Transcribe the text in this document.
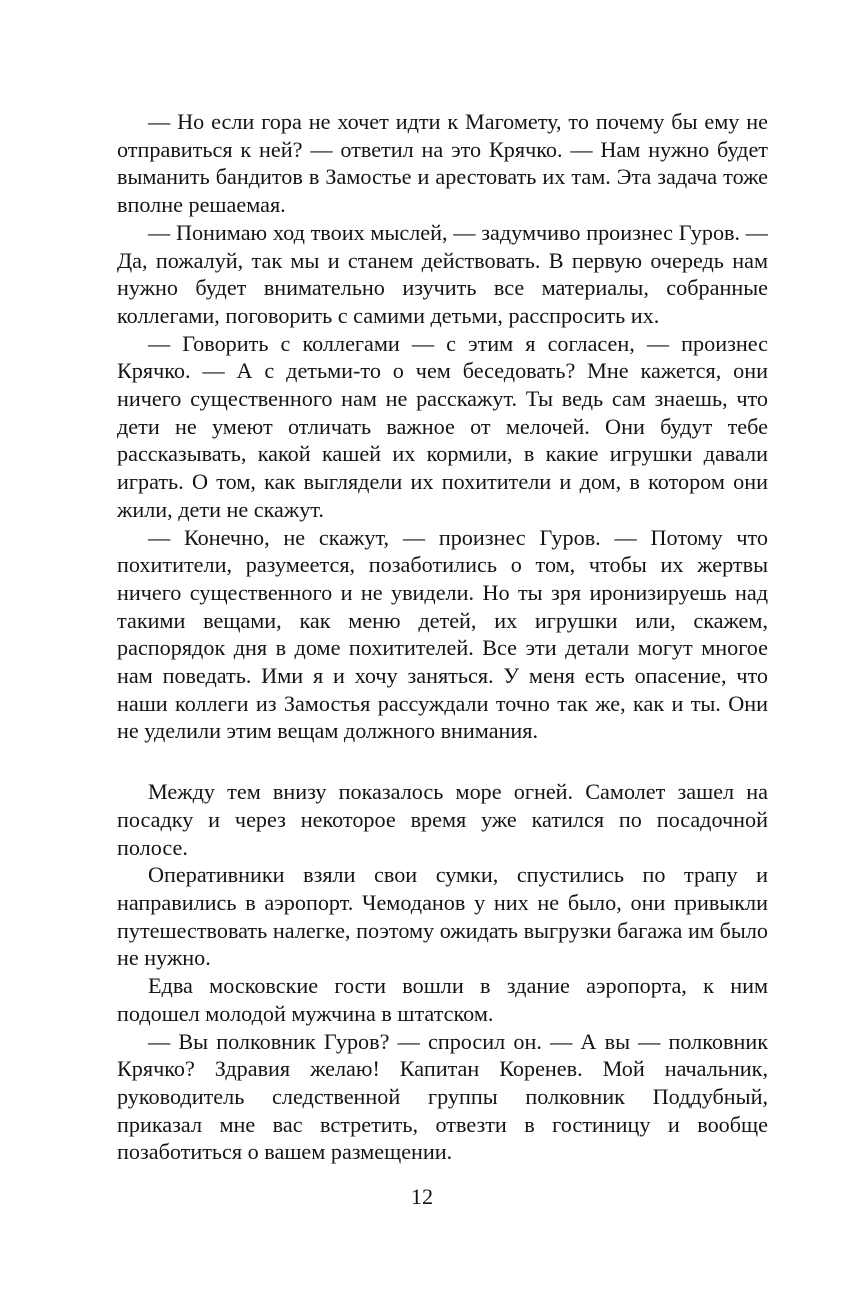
— Но если гора не хочет идти к Магомету, то почему бы ему не отправиться к ней? — ответил на это Крячко. — Нам нужно будет выманить бандитов в Замостье и арестовать их там. Эта задача тоже вполне решаемая.

— Понимаю ход твоих мыслей, — задумчиво произнес Гуров. — Да, пожалуй, так мы и станем действовать. В первую очередь нам нужно будет внимательно изучить все материалы, собранные коллегами, поговорить с самими детьми, расспросить их.

— Говорить с коллегами — с этим я согласен, — произнес Крячко. — А с детьми-то о чем беседовать? Мне кажется, они ничего существенного нам не расскажут. Ты ведь сам знаешь, что дети не умеют отличать важное от мелочей. Они будут тебе рассказывать, какой кашей их кормили, в какие игрушки давали играть. О том, как выглядели их похитители и дом, в котором они жили, дети не скажут.

— Конечно, не скажут, — произнес Гуров. — Потому что похитители, разумеется, позаботились о том, чтобы их жертвы ничего существенного и не увидели. Но ты зря иронизируешь над такими вещами, как меню детей, их игрушки или, скажем, распорядок дня в доме похитителей. Все эти детали могут многое нам поведать. Ими я и хочу заняться. У меня есть опасение, что наши коллеги из Замостья рассуждали точно так же, как и ты. Они не уделили этим вещам должного внимания.

Между тем внизу показалось море огней. Самолет зашел на посадку и через некоторое время уже катился по посадочной полосе.

Оперативники взяли свои сумки, спустились по трапу и направились в аэропорт. Чемоданов у них не было, они привыкли путешествовать налегке, поэтому ожидать выгрузки багажа им было не нужно.

Едва московские гости вошли в здание аэропорта, к ним подошел молодой мужчина в штатском.

— Вы полковник Гуров? — спросил он. — А вы — полковник Крячко? Здравия желаю! Капитан Коренев. Мой начальник, руководитель следственной группы полковник Поддубный, приказал мне вас встретить, отвезти в гостиницу и вообще позаботиться о вашем размещении.

12
